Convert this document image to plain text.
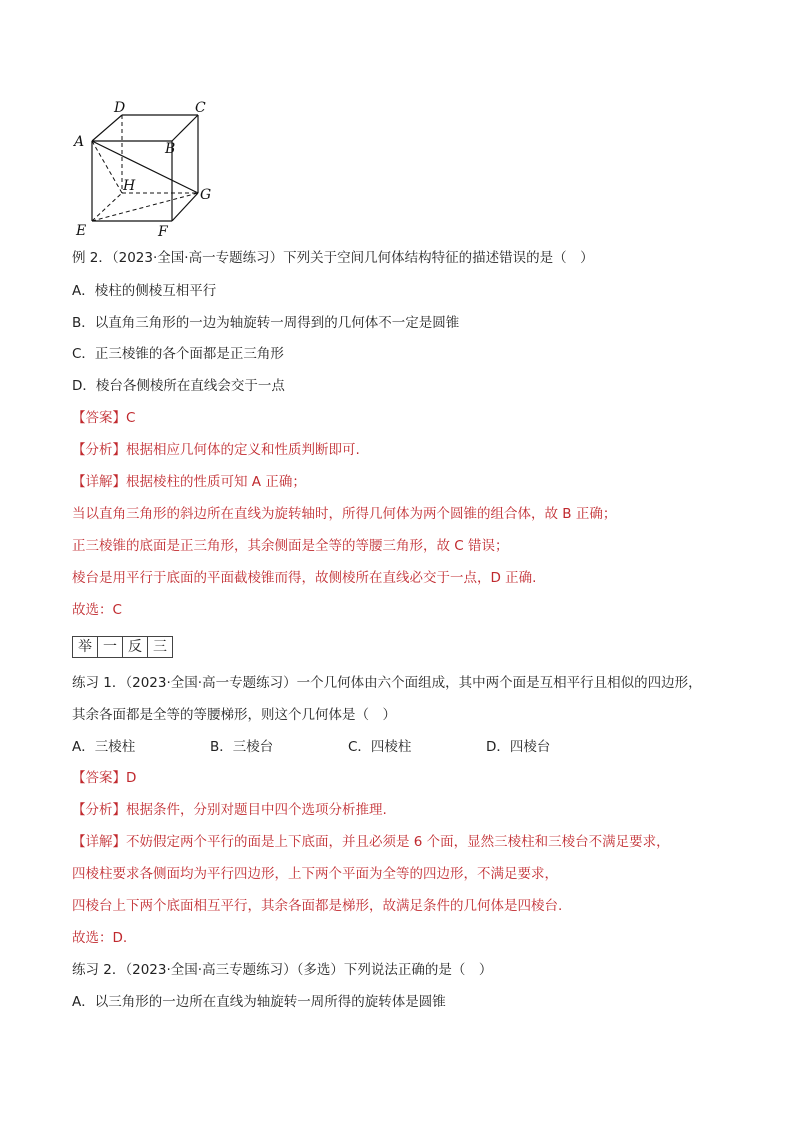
D	C
A	B
H
G
E	F
例 2．（2023·全国·高一专题练习）下列关于空间几何体结构特征的描述错误的是（　）
A．棱柱的侧棱互相平行
B．以直角三角形的一边为轴旋转一周得到的几何体不一定是圆锥
C．正三棱锥的各个面都是正三角形
D．棱台各侧棱所在直线会交于一点
【答案】C
【分析】根据相应几何体的定义和性质判断即可.
【详解】根据棱柱的性质可知 A 正确；
当以直角三角形的斜边所在直线为旋转轴时，所得几何体为两个圆锥的组合体，故 B 正确；
正三棱锥的底面是正三角形，其余侧面是全等的等腰三角形，故 C 错误；
棱台是用平行于底面的平面截棱锥而得，故侧棱所在直线必交于一点，D 正确.
故选：C
举 一 反 三
练习 1．（2023·全国·高一专题练习）一个几何体由六个面组成，其中两个面是互相平行且相似的四边形，
其余各面都是全等的等腰梯形，则这个几何体是（　）
A．三棱柱	B．三棱台	C．四棱柱	D．四棱台
【答案】D
【分析】根据条件，分别对题目中四个选项分析推理.
【详解】不妨假定两个平行的面是上下底面，并且必须是 6 个面，显然三棱柱和三棱台不满足要求，
四棱柱要求各侧面均为平行四边形，上下两个平面为全等的四边形，不满足要求，
四棱台上下两个底面相互平行，其余各面都是梯形，故满足条件的几何体是四棱台.
故选：D.
练习 2．（2023·全国·高三专题练习）（多选）下列说法正确的是（　）
A．以三角形的一边所在直线为轴旋转一周所得的旋转体是圆锥
